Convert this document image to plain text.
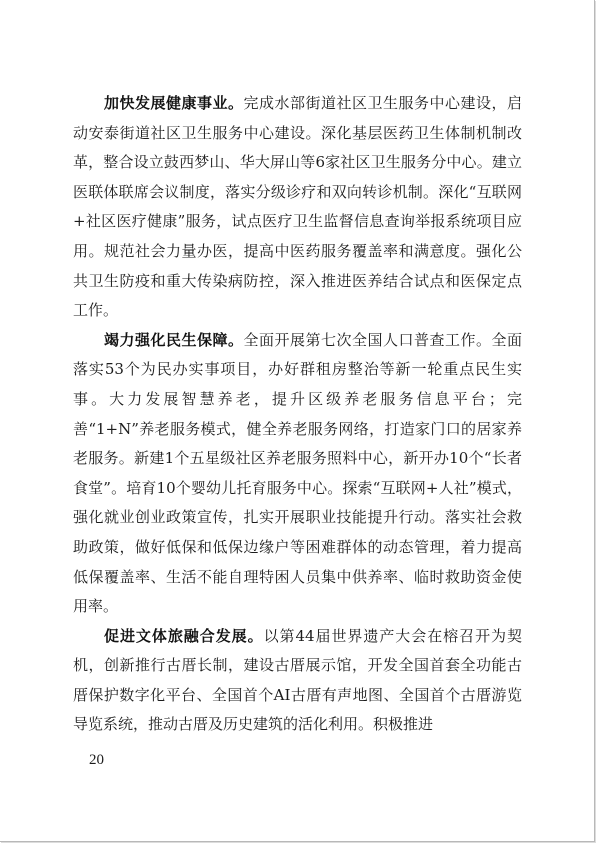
加快发展健康事业。完成水部街道社区卫生服务中心建设，启动安泰街道社区卫生服务中心建设。深化基层医药卫生体制机制改革，整合设立鼓西梦山、华大屏山等6家社区卫生服务分中心。建立医联体联席会议制度，落实分级诊疗和双向转诊机制。深化“互联网+社区医疗健康”服务，试点医疗卫生监督信息查询举报系统项目应用。规范社会力量办医，提高中医药服务覆盖率和满意度。强化公共卫生防疫和重大传染病防控，深入推进医养结合试点和医保定点工作。

竭力强化民生保障。全面开展第七次全国人口普查工作。全面落实53个为民办实事项目，办好群租房整治等新一轮重点民生实事。大力发展智慧养老，提升区级养老服务信息平台；完善“1+N”养老服务模式，健全养老服务网络，打造家门口的居家养老服务。新建1个五星级社区养老服务照料中心，新开办10个“长者食堂”。培育10个婴幼儿托育服务中心。探索“互联网+人社”模式，强化就业创业政策宣传，扎实开展职业技能提升行动。落实社会救助政策，做好低保和低保边缘户等困难群体的动态管理，着力提高低保覆盖率、生活不能自理特困人员集中供养率、临时救助资金使用率。

促进文体旅融合发展。以第44届世界遗产大会在榕召开为契机，创新推行古厝长制，建设古厝展示馆，开发全国首套全功能古厝保护数字化平台、全国首个AI古厝有声地图、全国首个古厝游览导览系统，推动古厝及历史建筑的活化利用。积极推进

20
